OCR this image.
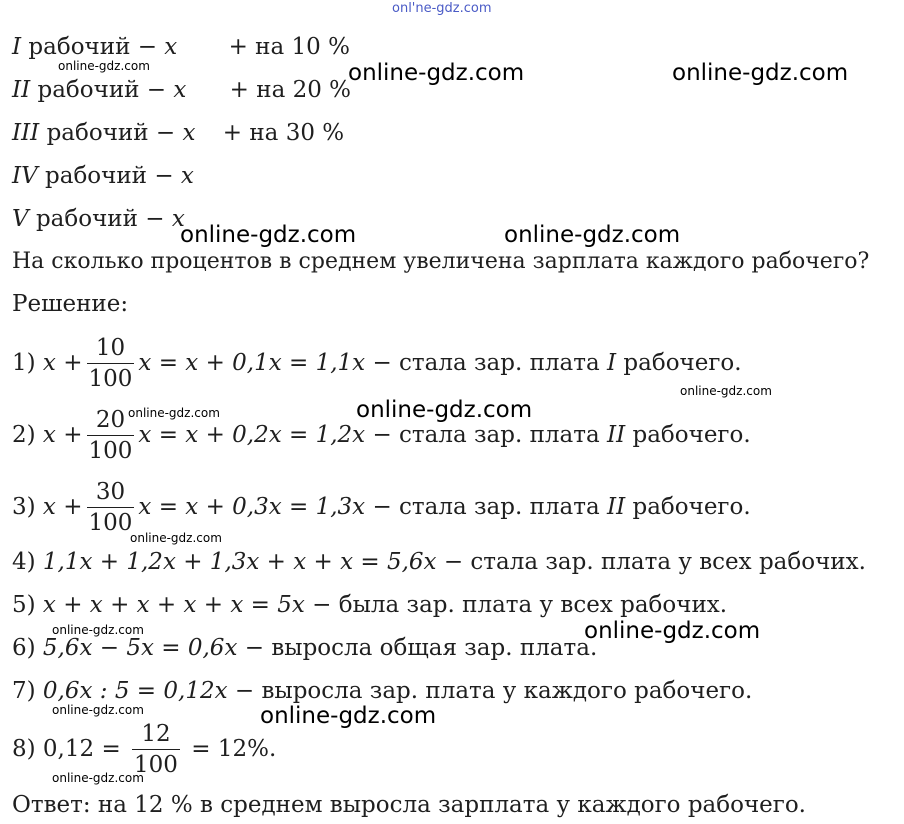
onl'ne-gdz.com
online-gdz.com	online-gdz.com
online-gdz.com	online-gdz.com
online-gdz.com
online-gdz.com
online-gdz.com
online-gdz.com
online-gdz.com
online-gdz.com
online-gdz.com
online-gdz.com
online-gdz.com
online-gdz.com
I рабочий − x + на 10 %
II рабочий − x + на 20 %
III рабочий − x + на 30 %
IV рабочий − x
V рабочий − x
На сколько процентов в среднем увеличена зарплата каждого рабочего?
Решение:
1) $x + \frac{10}{100}$ x = x + 0,1x = 1,1x − стала зар. плата I рабочего.
2) $x + \frac{20}{100}$ x = x + 0,2x = 1,2x − стала зар. плата II рабочего.
3) $x + \frac{30}{100}$ x = x + 0,3x = 1,3x − стала зар. плата II рабочего.
4) 1,1x + 1,2x + 1,3x + x + x = 5,6x − стала зар. плата у всех рабочих.
5) x + x + x + x + x = 5x − была зар. плата у всех рабочих.
6) 5,6x − 5x = 0,6x − выросла общая зар. плата.
7) 0,6x : 5 = 0,12x − выросла зар. плата у каждого рабочего.
8) $0,12 = \frac{12}{100} = 12\%$.
Ответ: на 12 % в среднем выросла зарплата у каждого рабочего.
